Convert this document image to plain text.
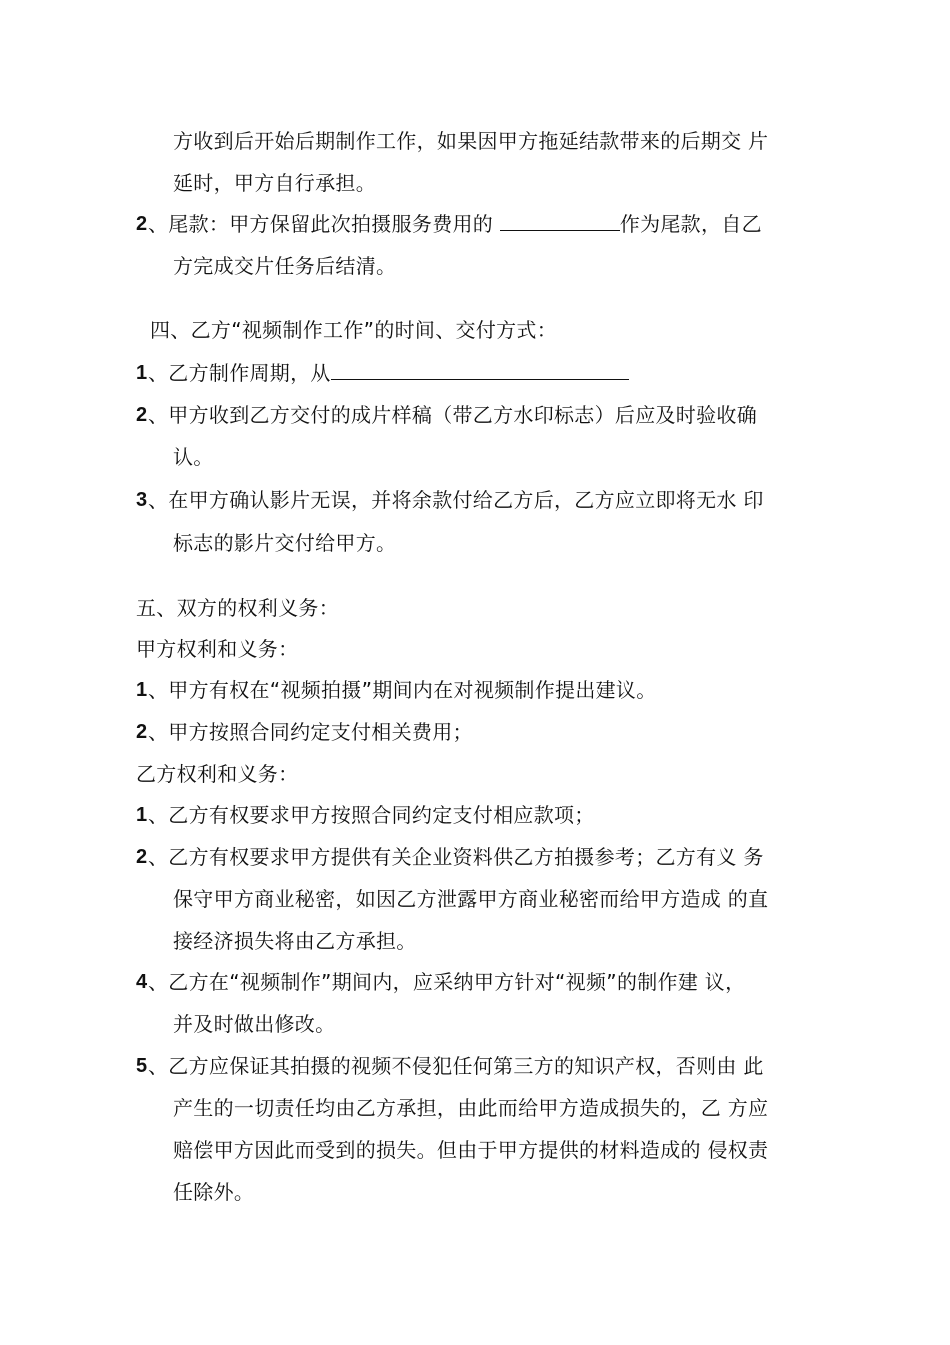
方收到后开始后期制作工作，如果因甲方拖延结款带来的后期交 片
延时，甲方自行承担。
2 、尾款：甲方保留此次拍摄服务费用的	作为尾款，自乙
方完成交片任务后结清。
四、乙方“视频制作工作”的时间、交付方式：
1 、乙方制作周期，从
2 、甲方收到乙方交付的成片样稿（带乙方水印标志）后应及时验收确
认。
3 、在甲方确认影片无误，并将余款付给乙方后，乙方应立即将无水 印
标志的影片交付给甲方。
五、双方的权利义务：
甲方权利和义务：
1 、甲方有权在“视频拍摄”期间内在对视频制作提出建议。
2 、甲方按照合同约定支付相关费用；
乙方权利和义务：
1 、乙方有权要求甲方按照合同约定支付相应款项；
2 、乙方有权要求甲方提供有关企业资料供乙方拍摄参考；乙方有义 务
保守甲方商业秘密，如因乙方泄露甲方商业秘密而给甲方造成 的直
接经济损失将由乙方承担。
4 、乙方在“视频制作”期间内，应采纳甲方针对“视频”的制作建 议，
并及时做出修改。
5 、乙方应保证其拍摄的视频不侵犯任何第三方的知识产权，否则由 此
产生的一切责任均由乙方承担，由此而给甲方造成损失的，乙 方应
赔偿甲方因此而受到的损失。但由于甲方提供的材料造成的 侵权责
任除外。
